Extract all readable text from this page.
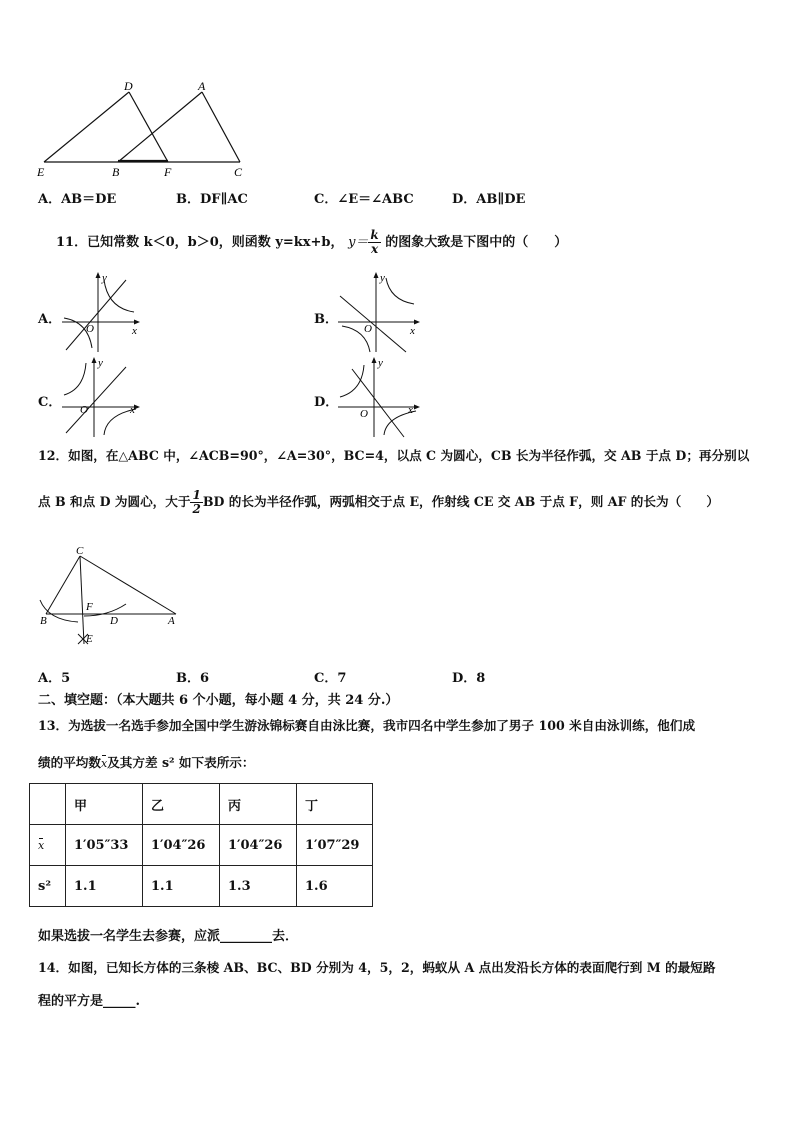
D	A
E	B	F	C
A．AB＝DE	B．DF∥AC	C．∠E＝∠ABC	D．AB∥DE
11．已知常数 k＜0，b＞0，则函数 y=kx+b， $y= \frac{k}{x}$ 的图象大致是下图中的（　　）
A．	B．
C．	D．
y
x
O
y
x
O
y
x
O
y
x
O
12．如图，在△ABC 中，∠ACB=90°，∠A=30°，BC=4，以点 C 为圆心，CB 长为半径作弧，交 AB 于点 D；再分别以
点 B 和点 D 为圆心，大于 $\frac{1}{2}$ BD 的长为半径作弧，两弧相交于点 E，作射线 CE 交 AB 于点 F，则 AF 的长为（　　）
C
F
B	D	A
E
A．5	B．6	C．7	D．8
二、填空题：（本大题共 6 个小题，每小题 4 分，共 24 分.）
13．为选拔一名选手参加全国中学生游泳锦标赛自由泳比赛，我市四名中学生参加了男子 100 米自由泳训练，他们成
绩的平均数x及其方差 s² 如下表所示：
	甲	乙	丙	丁
x	1′05″33	1′04″26	1′04″26	1′07″29
s²	1.1	1.1	1.3	1.6
如果选拔一名学生去参赛，应派________去．
14．如图，已知长方体的三条棱 AB、BC、BD 分别为 4，5，2，蚂蚁从 A 点出发沿长方体的表面爬行到 M 的最短路
程的平方是_____.
